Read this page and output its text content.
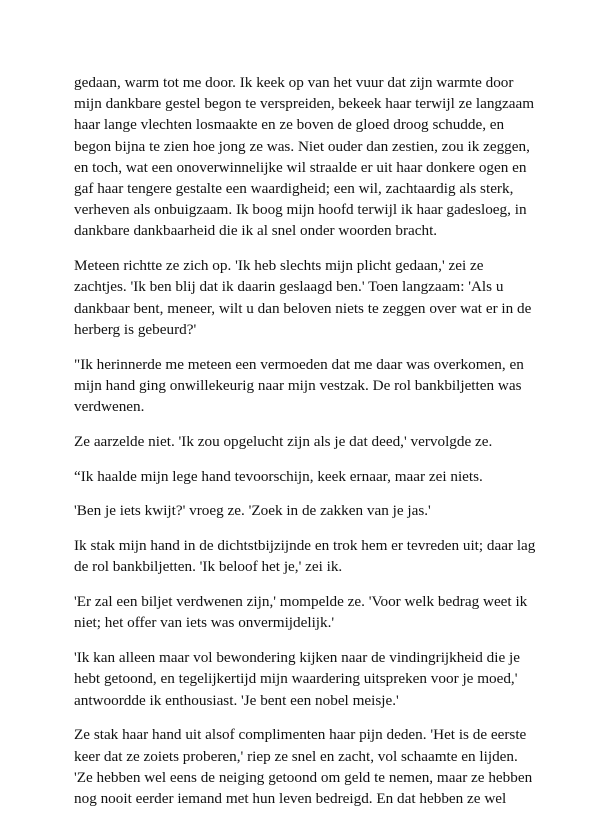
gedaan, warm tot me door. Ik keek op van het vuur dat zijn warmte door
mijn dankbare gestel begon te verspreiden, bekeek haar terwijl ze langzaam
haar lange vlechten losmaakte en ze boven de gloed droog schudde, en
begon bijna te zien hoe jong ze was. Niet ouder dan zestien, zou ik zeggen,
en toch, wat een onoverwinnelijke wil straalde er uit haar donkere ogen en
gaf haar tengere gestalte een waardigheid; een wil, zachtaardig als sterk,
verheven als onbuigzaam. Ik boog mijn hoofd terwijl ik haar gadesloeg, in
dankbare dankbaarheid die ik al snel onder woorden bracht.

Meteen richtte ze zich op. 'Ik heb slechts mijn plicht gedaan,' zei ze
zachtjes. 'Ik ben blij dat ik daarin geslaagd ben.' Toen langzaam: 'Als u
dankbaar bent, meneer, wilt u dan beloven niets te zeggen over wat er in de
herberg is gebeurd?'

"Ik herinnerde me meteen een vermoeden dat me daar was overkomen, en
mijn hand ging onwillekeurig naar mijn vestzak. De rol bankbiljetten was
verdwenen.

Ze aarzelde niet. 'Ik zou opgelucht zijn als je dat deed,' vervolgde ze.

“Ik haalde mijn lege hand tevoorschijn, keek ernaar, maar zei niets.

'Ben je iets kwijt?' vroeg ze. 'Zoek in de zakken van je jas.'

Ik stak mijn hand in de dichtstbijzijnde en trok hem er tevreden uit; daar lag
de rol bankbiljetten. 'Ik beloof het je,' zei ik.

'Er zal een biljet verdwenen zijn,' mompelde ze. 'Voor welk bedrag weet ik
niet; het offer van iets was onvermijdelijk.'

'Ik kan alleen maar vol bewondering kijken naar de vindingrijkheid die je
hebt getoond, en tegelijkertijd mijn waardering uitspreken voor je moed,'
antwoordde ik enthousiast. 'Je bent een nobel meisje.'

Ze stak haar hand uit alsof complimenten haar pijn deden. 'Het is de eerste
keer dat ze zoiets proberen,' riep ze snel en zacht, vol schaamte en lijden.
'Ze hebben wel eens de neiging getoond om geld te nemen, maar ze hebben
nog nooit eerder iemand met hun leven bedreigd. En dat hebben ze wel
